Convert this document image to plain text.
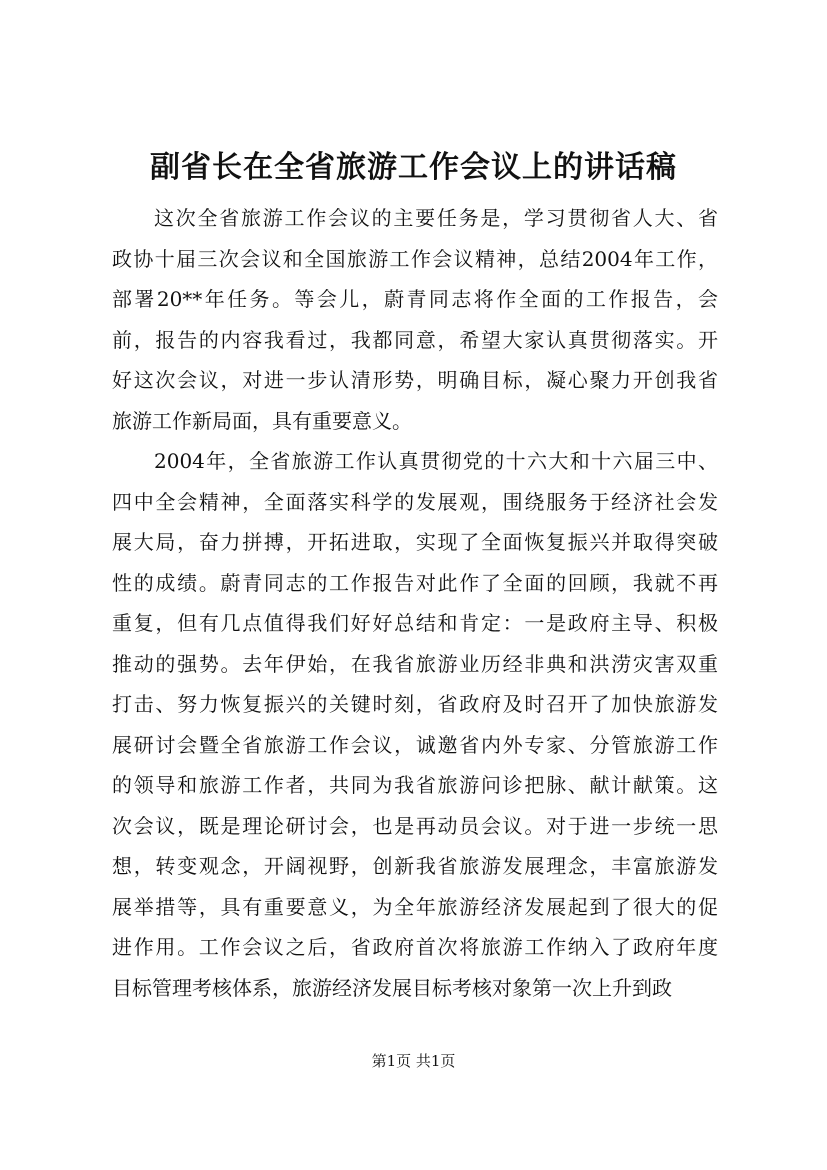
副省长在全省旅游工作会议上的讲话稿
这次全省旅游工作会议的主要任务是，学习贯彻省人大、省
政协十届三次会议和全国旅游工作会议精神，总结2004年工作，
部署20**年任务。等会儿，蔚青同志将作全面的工作报告，会
前，报告的内容我看过，我都同意，希望大家认真贯彻落实。开
好这次会议，对进一步认清形势，明确目标，凝心聚力开创我省
旅游工作新局面，具有重要意义。
2004年，全省旅游工作认真贯彻党的十六大和十六届三中、
四中全会精神，全面落实科学的发展观，围绕服务于经济社会发
展大局，奋力拼搏，开拓进取，实现了全面恢复振兴并取得突破
性的成绩。蔚青同志的工作报告对此作了全面的回顾，我就不再
重复，但有几点值得我们好好总结和肯定：一是政府主导、积极
推动的强势。去年伊始，在我省旅游业历经非典和洪涝灾害双重
打击、努力恢复振兴的关键时刻，省政府及时召开了加快旅游发
展研讨会暨全省旅游工作会议，诚邀省内外专家、分管旅游工作
的领导和旅游工作者，共同为我省旅游问诊把脉、献计献策。这
次会议，既是理论研讨会，也是再动员会议。对于进一步统一思
想，转变观念，开阔视野，创新我省旅游发展理念，丰富旅游发
展举措等，具有重要意义，为全年旅游经济发展起到了很大的促
进作用。工作会议之后，省政府首次将旅游工作纳入了政府年度
目标管理考核体系，旅游经济发展目标考核对象第一次上升到政
第1页 共1页
